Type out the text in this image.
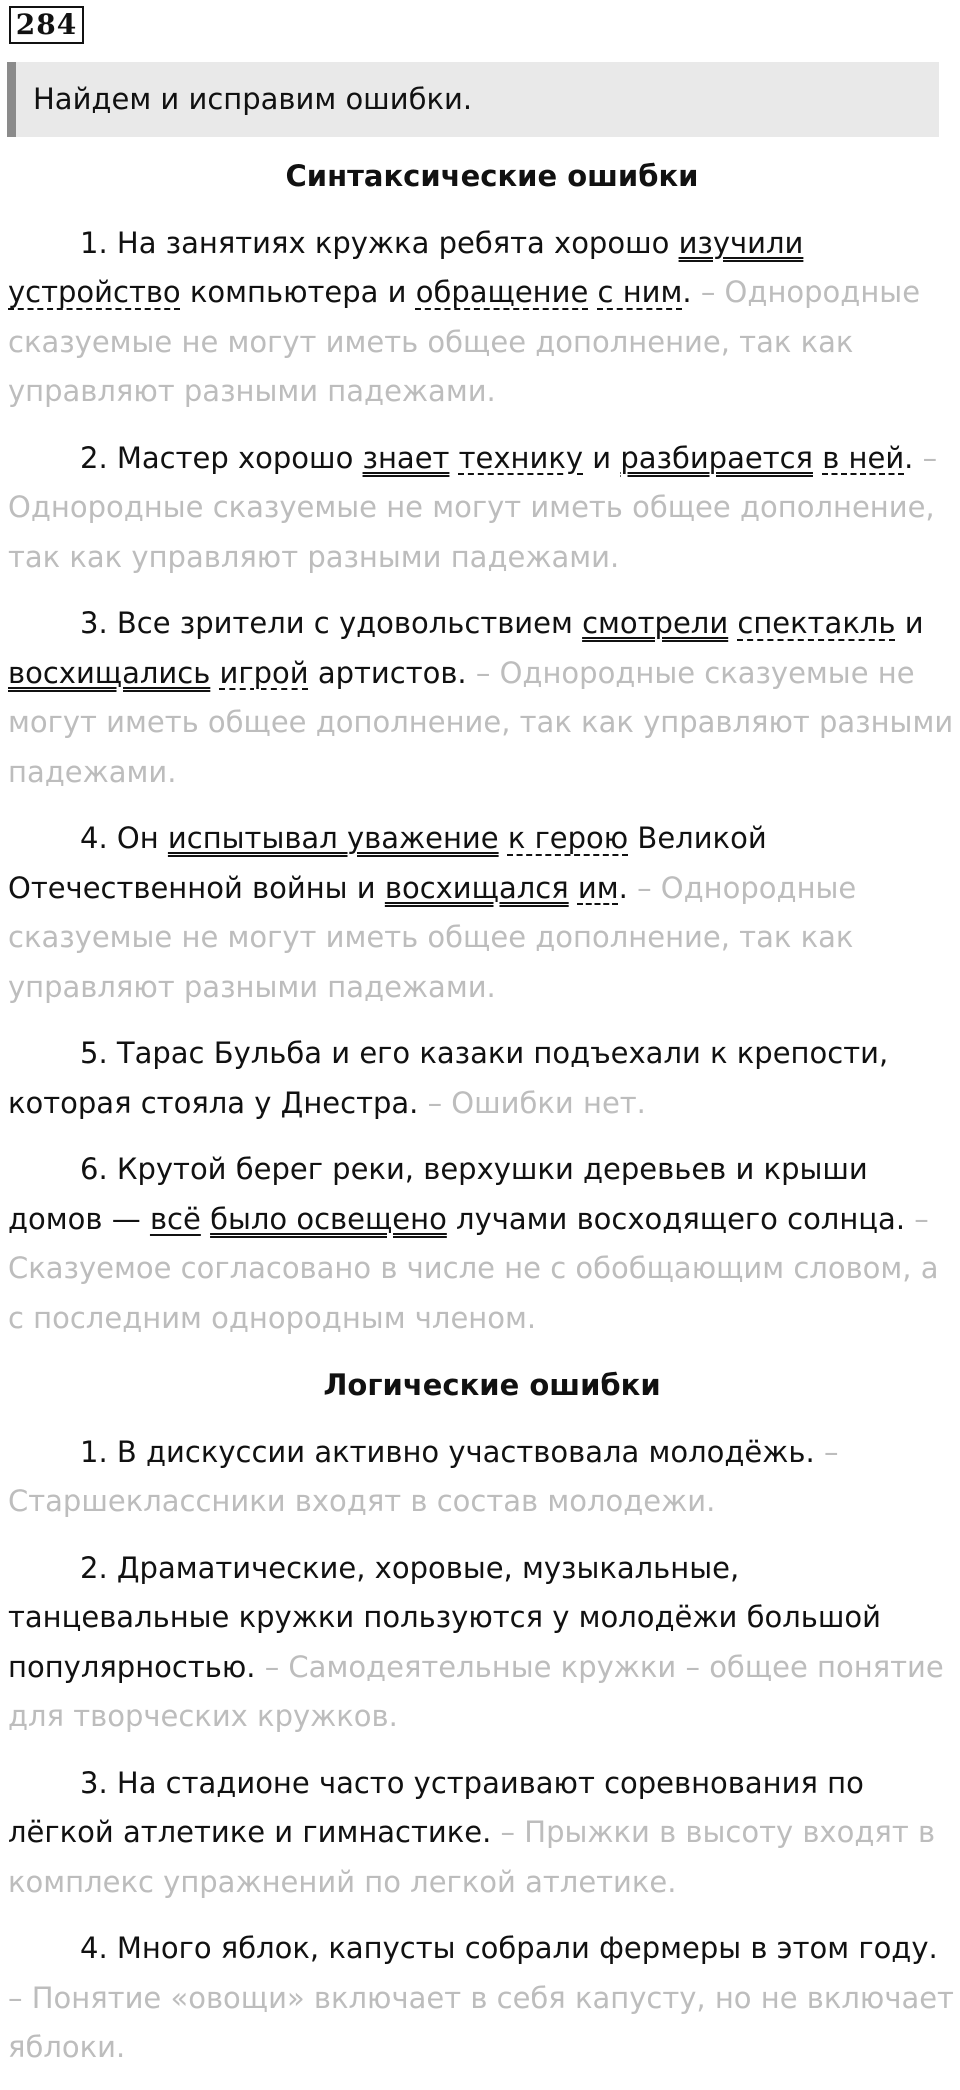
284
Найдем и исправим ошибки.
Синтаксические ошибки

1. На занятиях кружка ребята хорошо изучили устройство компьютера и обращение с ним. – Однородные сказуемые не могут иметь общее дополнение, так как управляют разными падежами.

2. Мастер хорошо знает технику и разбирается в ней. – Однородные сказуемые не могут иметь общее дополнение, так как управляют разными падежами.

3. Все зрители с удовольствием смотрели спектакль и восхищались игрой артистов. – Однородные сказуемые не могут иметь общее дополнение, так как управляют разными падежами.

4. Он испытывал уважение к герою Великой Отечественной войны и восхищался им. – Однородные сказуемые не могут иметь общее дополнение, так как управляют разными падежами.

5. Тарас Бульба и его казаки подъехали к крепости, которая стояла у Днестра. – Ошибки нет.

6. Крутой берег реки, верхушки деревьев и крыши домов — всё было освещено лучами восходящего солнца. – Сказуемое согласовано в числе не с обобщающим словом, а с последним однородным членом.

Логические ошибки

1. В дискуссии активно участвовала молодёжь. – Старшеклассники входят в состав молодежи.

2. Драматические, хоровые, музыкальные, танцевальные кружки пользуются у молодёжи большой популярностью. – Самодеятельные кружки – общее понятие для творческих кружков.

3. На стадионе часто устраивают соревнования по лёгкой атлетике и гимнастике. – Прыжки в высоту входят в комплекс упражнений по легкой атлетике.

4. Много яблок, капусты собрали фермеры в этом году. – Понятие «овощи» включает в себя капусту, но не включает яблоки.
